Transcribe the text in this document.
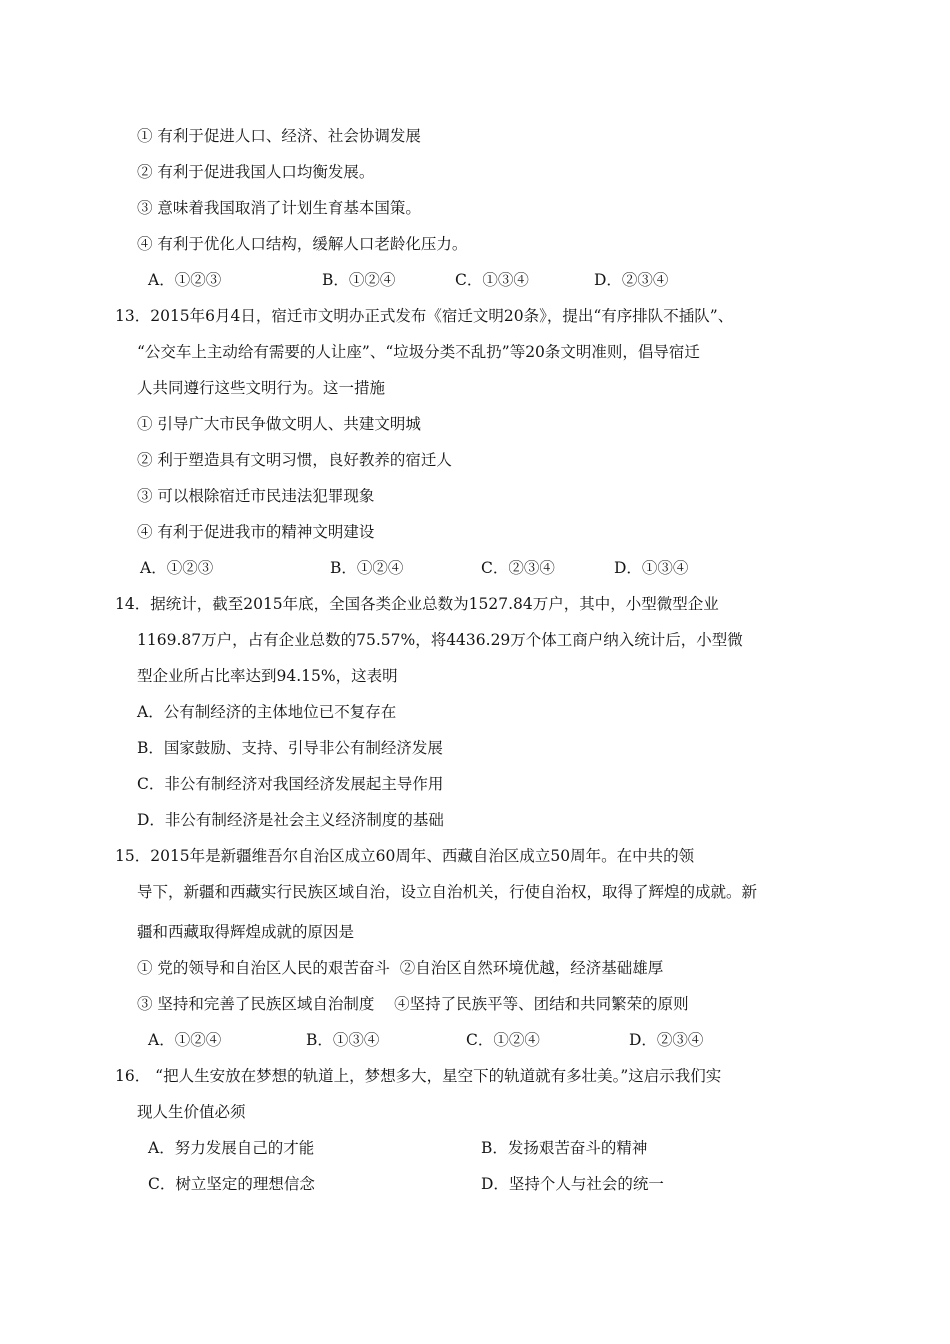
① 有利于促进人口、经济、社会协调发展
② 有利于促进我国人口均衡发展。
③ 意味着我国取消了计划生育基本国策。
④ 有利于优化人口结构，缓解人口老龄化压力。
A．①②③	B．①②④	C．①③④	D．②③④
13．2015年6月4日，宿迁市文明办正式发布《宿迁文明20条》，提出“有序排队不插队”、
“公交车上主动给有需要的人让座”、“垃圾分类不乱扔”等20条文明准则，倡导宿迁
人共同遵行这些文明行为。这一措施
① 引导广大市民争做文明人、共建文明城
② 利于塑造具有文明习惯，良好教养的宿迁人
③ 可以根除宿迁市民违法犯罪现象
④ 有利于促进我市的精神文明建设
A．①②③	B．①②④	C．②③④	D．①③④
14．据统计，截至2015年底，全国各类企业总数为1527.84万户，其中，小型微型企业
1169.87万户，占有企业总数的75.57%，将4436.29万个体工商户纳入统计后，小型微
型企业所占比率达到94.15%，这表明
A．公有制经济的主体地位已不复存在
B．国家鼓励、支持、引导非公有制经济发展
C．非公有制经济对我国经济发展起主导作用
D．非公有制经济是社会主义经济制度的基础
15．2015年是新疆维吾尔自治区成立60周年、西藏自治区成立50周年。在中共的领
导下，新疆和西藏实行民族区域自治，设立自治机关，行使自治权，取得了辉煌的成就。新
疆和西藏取得辉煌成就的原因是
① 党的领导和自治区人民的艰苦奋斗  ②自治区自然环境优越，经济基础雄厚
③ 坚持和完善了民族区域自治制度    ④坚持了民族平等、团结和共同繁荣的原则
A．①②④	B．①③④	C．①②④	D．②③④
16． “把人生安放在梦想的轨道上，梦想多大，星空下的轨道就有多壮美。”这启示我们实
现人生价值必须
A．努力发展自己的才能	B．发扬艰苦奋斗的精神
C．树立坚定的理想信念	D．坚持个人与社会的统一
